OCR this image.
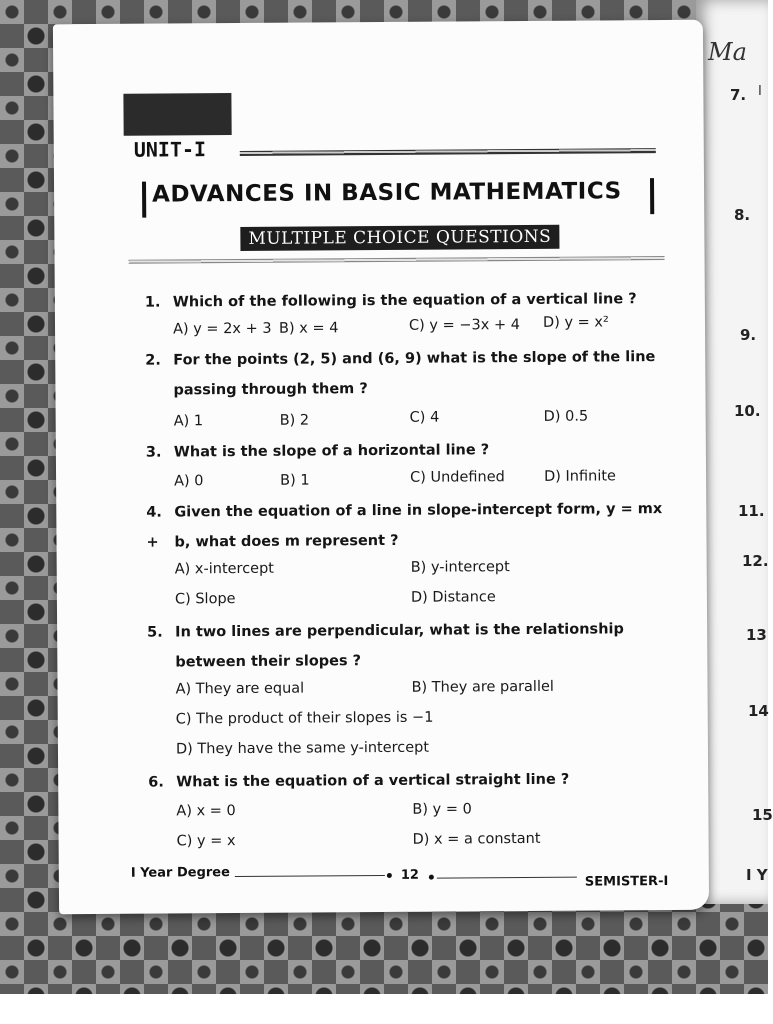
Ma
I
7.
8.
9.
10.
11.
12.
13
14
15
I Y
UNIT-I
ADVANCES IN BASIC MATHEMATICS
MULTIPLE CHOICE QUESTIONS
1. Which of the following is the equation of a vertical line ?
A) y = 2x + 3 B) x = 4	C) y = −3x + 4 D) y = x²
2. For the points (2, 5) and (6, 9) what is the slope of the line
passing through them ?
A) 1	B) 2	C) 4	D) 0.5
3. What is the slope of a horizontal line ?
A) 0	B) 1	C) Undefined	D) Infinite
4. Given the equation of a line in slope-intercept form, y = mx +	b, what does m represent ?
A) x-intercept	B) y-intercept
C) Slope	D) Distance
5. In two lines are perpendicular, what is the relationship
between their slopes ?
A) They are equal	B) They are parallel
C) The product of their slopes is −1
D) They have the same y-intercept
6. What is the equation of a vertical straight line ?
A) x = 0	B) y = 0
C) y = x	D) x = a constant
I Year Degree	12	SEMISTER-I
